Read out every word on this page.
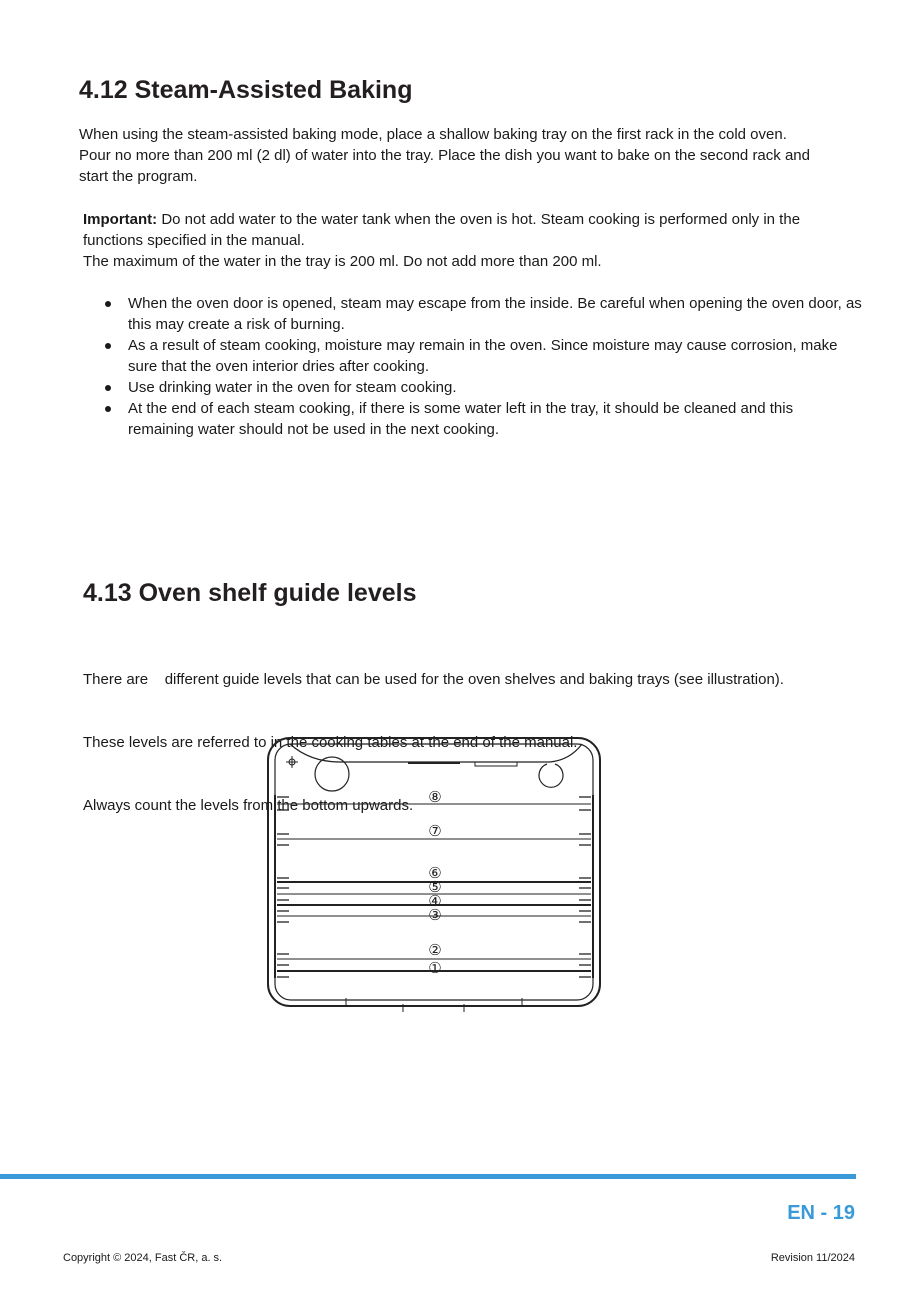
4.12 Steam-Assisted Baking

When using the steam-assisted baking mode, place a shallow baking tray on the first rack in the cold oven. Pour no more than 200 ml (2 dl) of water into the tray. Place the dish you want to bake on the second rack and start the program.

Important: Do not add water to the water tank when the oven is hot. Steam cooking is performed only in the functions specified in the manual.

The maximum of the water in the tray is 200 ml. Do not add more than 200 ml.

When the oven door is opened, steam may escape from the inside. Be careful when opening the oven door, as this may create a risk of burning.
As a result of steam cooking, moisture may remain in the oven. Since moisture may cause corrosion, make sure that the oven interior dries after cooking.
Use drinking water in the oven for steam cooking.
At the end of each steam cooking, if there is some water left in the tray, it should be cleaned and this remaining water should not be used in the next cooking.
4.13 Oven shelf guide levels

There are    different guide levels that can be used for the oven shelves and baking trays (see illustration).

These levels are referred to in the cooking tables at the end of the manual.

Always count the levels from the bottom upwards.	⑧
⑦
⑥
⑤
④
③
②
①
EN - 19
Copyright © 2024, Fast ČR, a. s.	Revision 11/2024
